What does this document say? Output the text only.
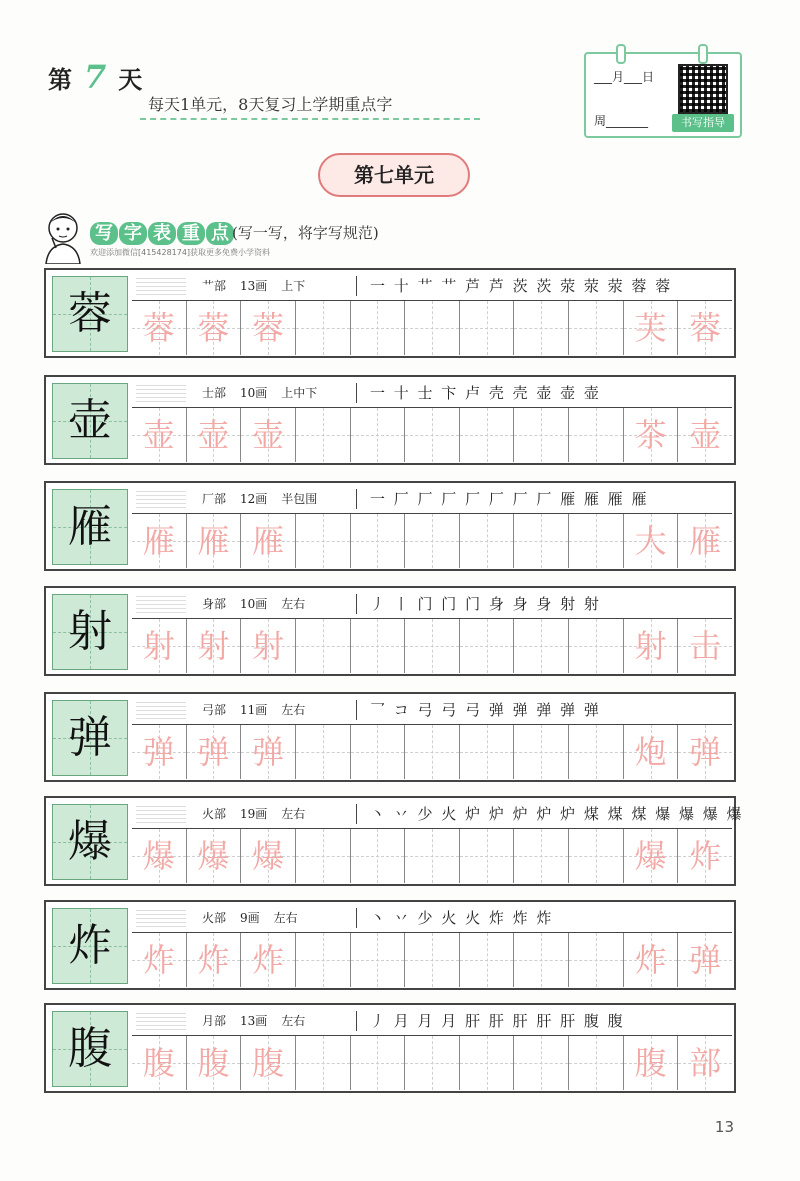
第 7 天
每天1单元，8天复习上学期重点字
___月___日
周_______	书写指导
第七单元
写 字 表 重 点 (写一写，将字写规范)
欢迎添加微信[415428174]获取更多免费小学资料
蓉
艹部 13画 上下	一 十 艹 艹 芦 芦 茨 茨 荥 荥 荥 蓉 蓉
蓉 蓉 蓉	芙 蓉
壶
士部 10画 上中下	一 十 士 卞 卢 壳 壳 壶 壶 壶
壶 壶 壶	茶 壶
雁
厂部 12画 半包围	一 厂 厂 厂 厂 厂 厂 厂 雁 雁 雁 雁
雁 雁 雁	大 雁
射
身部 10画 左右	丿 丨 门 门 门 身 身 身 射 射
射 射 射	射 击
弹
弓部 11画 左右	乛 コ 弓 弓 弓 弹 弹 弹 弹 弹
弹 弹 弹	炮 弹
爆
火部 19画 左右	丶 丷 少 火 炉 炉 炉 炉 炉 煤 煤 煤 爆 爆 爆 爆
爆 爆 爆	爆 炸
炸
火部 9画 左右	丶 丷 少 火 火 炸 炸 炸
炸 炸 炸	炸 弹
腹
月部 13画 左右	丿 月 月 月 肝 肝 肝 肝 肝 腹 腹
腹 腹 腹	腹 部
13
